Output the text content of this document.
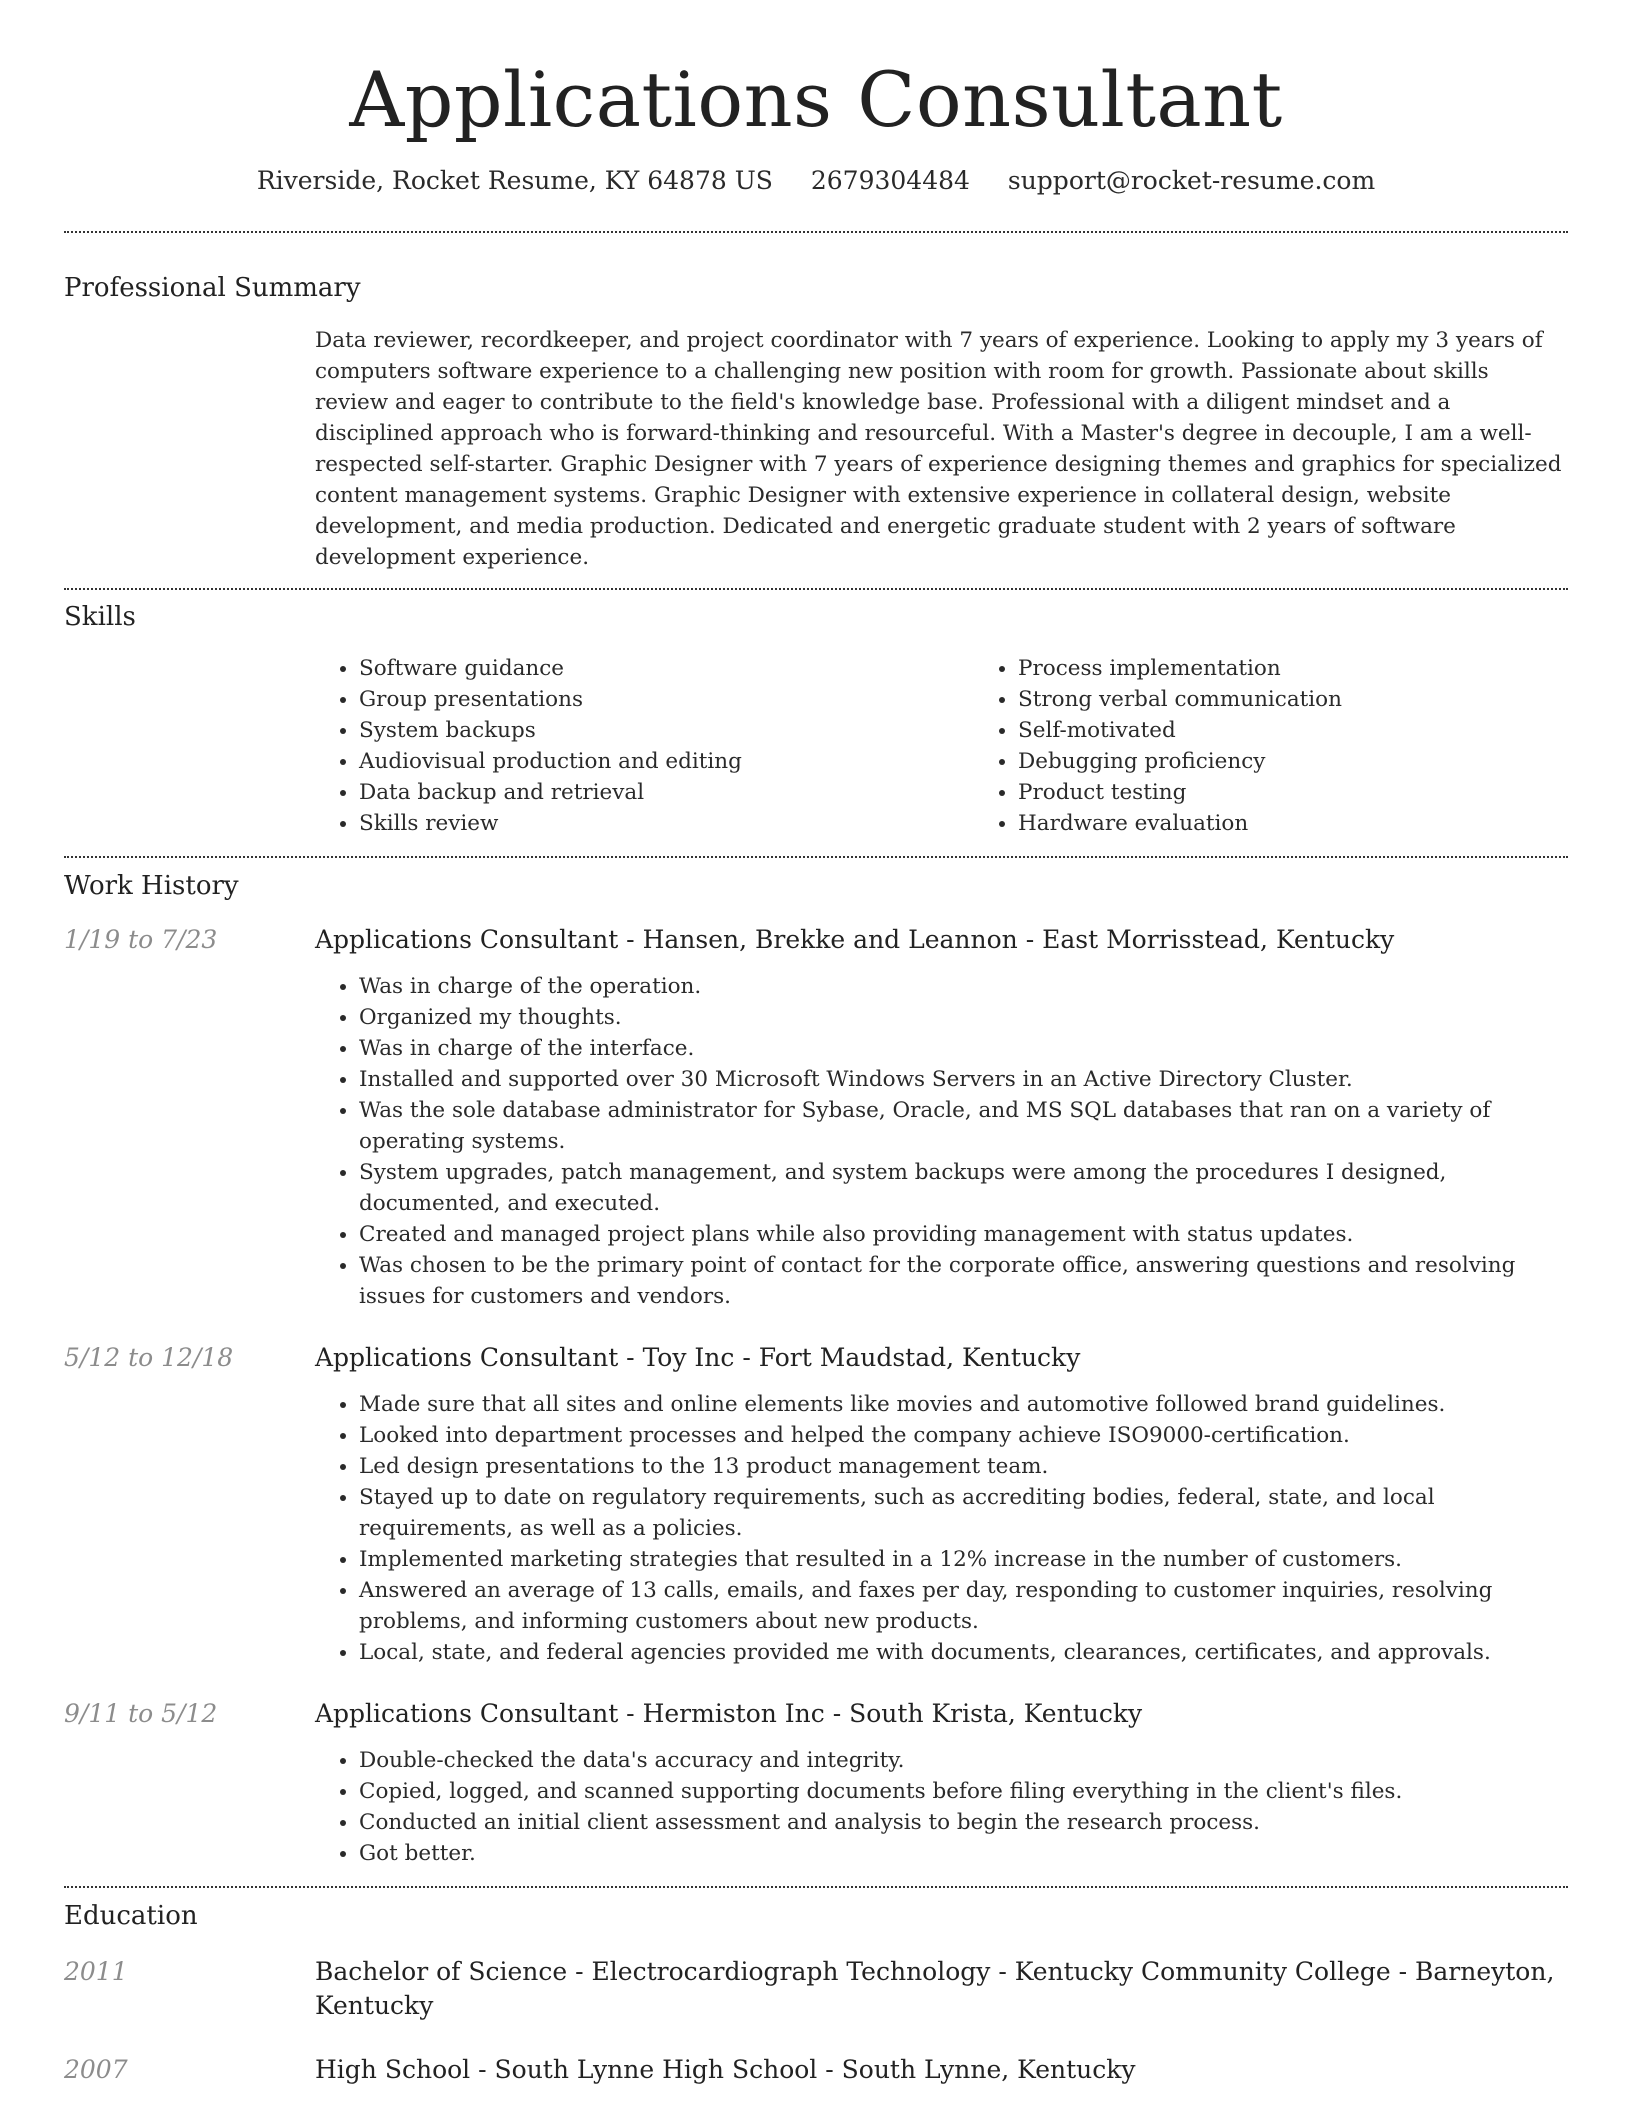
Applications Consultant
Riverside, Rocket Resume, KY 64878 US 2679304484 support@rocket-resume.com
Professional Summary

Data reviewer, recordkeeper, and project coordinator with 7 years of experience. Looking to apply my 3 years of computers software experience to a challenging new position with room for growth. Passionate about skills review and eager to contribute to the field's knowledge base. Professional with a diligent mindset and a disciplined approach who is forward-thinking and resourceful. With a Master's degree in decouple, I am a well-respected self-starter. Graphic Designer with 7 years of experience designing themes and graphics for specialized content management systems. Graphic Designer with extensive experience in collateral design, website development, and media production. Dedicated and energetic graduate student with 2 years of software development experience.

Skills
• Software guidance
• Group presentations
• System backups
• Audiovisual production and editing
• Data backup and retrieval
• Skills review
• Process implementation
• Strong verbal communication
• Self-motivated
• Debugging proficiency
• Product testing
• Hardware evaluation
Work History
1/19 to 7/23	Applications Consultant - Hansen, Brekke and Leannon - East Morrisstead, Kentucky
• Was in charge of the operation.
• Organized my thoughts.
• Was in charge of the interface.
• Installed and supported over 30 Microsoft Windows Servers in an Active Directory Cluster.
• Was the sole database administrator for Sybase, Oracle, and MS SQL databases that ran on a variety of operating systems.
• System upgrades, patch management, and system backups were among the procedures I designed, documented, and executed.
• Created and managed project plans while also providing management with status updates.
• Was chosen to be the primary point of contact for the corporate office, answering questions and resolving issues for customers and vendors.
5/12 to 12/18	Applications Consultant - Toy Inc - Fort Maudstad, Kentucky
• Made sure that all sites and online elements like movies and automotive followed brand guidelines.
• Looked into department processes and helped the company achieve ISO9000-certification.
• Led design presentations to the 13 product management team.
• Stayed up to date on regulatory requirements, such as accrediting bodies, federal, state, and local requirements, as well as a policies.
• Implemented marketing strategies that resulted in a 12% increase in the number of customers.
• Answered an average of 13 calls, emails, and faxes per day, responding to customer inquiries, resolving problems, and informing customers about new products.
• Local, state, and federal agencies provided me with documents, clearances, certificates, and approvals.
9/11 to 5/12	Applications Consultant - Hermiston Inc - South Krista, Kentucky
• Double-checked the data's accuracy and integrity.
• Copied, logged, and scanned supporting documents before filing everything in the client's files.
• Conducted an initial client assessment and analysis to begin the research process.
• Got better.
Education
2011	Bachelor of Science - Electrocardiograph Technology - Kentucky Community College - Barneyton, Kentucky
2007	High School - South Lynne High School - South Lynne, Kentucky
